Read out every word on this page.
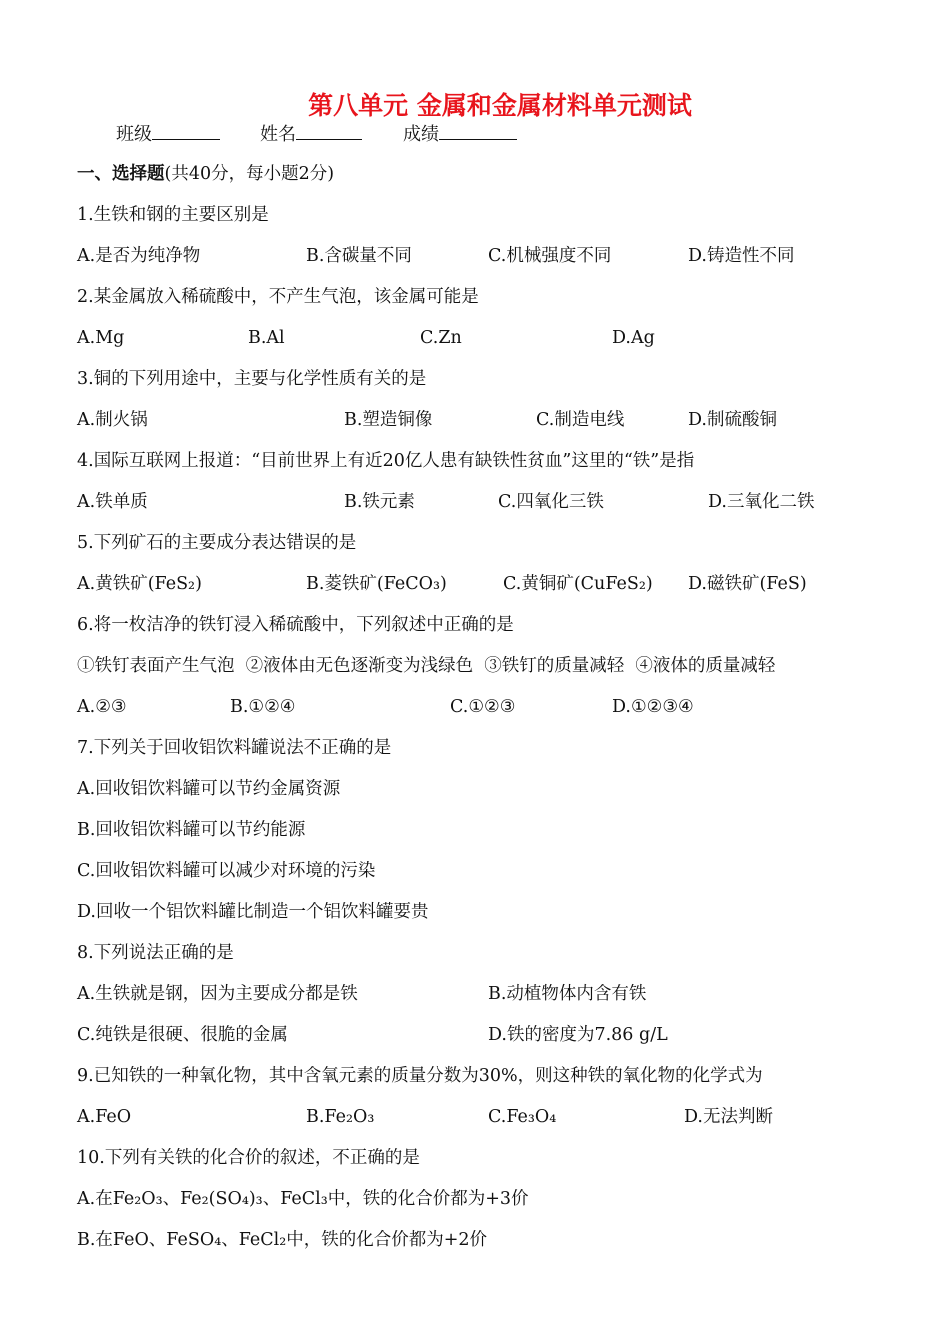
第八单元 金属和金属材料单元测试
班级	姓名	成绩
一、选择题(共40分，每小题2分)
1.生铁和钢的主要区别是
A.是否为纯净物	B.含碳量不同	C.机械强度不同	D.铸造性不同
2.某金属放入稀硫酸中，不产生气泡，该金属可能是
A.Mg	B.Al	C.Zn	D.Ag
3.铜的下列用途中，主要与化学性质有关的是
A.制火锅	B.塑造铜像	C.制造电线	D.制硫酸铜
4.国际互联网上报道：“目前世界上有近20亿人患有缺铁性贫血”这里的“铁”是指
A.铁单质	B.铁元素	C.四氧化三铁	D.三氧化二铁
5.下列矿石的主要成分表达错误的是
A.黄铁矿(FeS₂)	B.菱铁矿(FeCO₃)	C.黄铜矿(CuFeS₂) D.磁铁矿(FeS)
6.将一枚洁净的铁钉浸入稀硫酸中，下列叙述中正确的是
①铁钉表面产生气泡  ②液体由无色逐渐变为浅绿色  ③铁钉的质量减轻  ④液体的质量减轻
A.②③	B.①②④	C.①②③	D.①②③④
7.下列关于回收铝饮料罐说法不正确的是
A.回收铝饮料罐可以节约金属资源
B.回收铝饮料罐可以节约能源
C.回收铝饮料罐可以减少对环境的污染
D.回收一个铝饮料罐比制造一个铝饮料罐要贵
8.下列说法正确的是
A.生铁就是钢，因为主要成分都是铁	B.动植物体内含有铁
C.纯铁是很硬、很脆的金属	D.铁的密度为7.86 g/L
9.已知铁的一种氧化物，其中含氧元素的质量分数为30%，则这种铁的氧化物的化学式为
A.FeO	B.Fe₂O₃	C.Fe₃O₄	D.无法判断
10.下列有关铁的化合价的叙述，不正确的是
A.在Fe₂O₃、Fe₂(SO₄)₃、FeCl₃中，铁的化合价都为+3价
B.在FeO、FeSO₄、FeCl₂中，铁的化合价都为+2价
